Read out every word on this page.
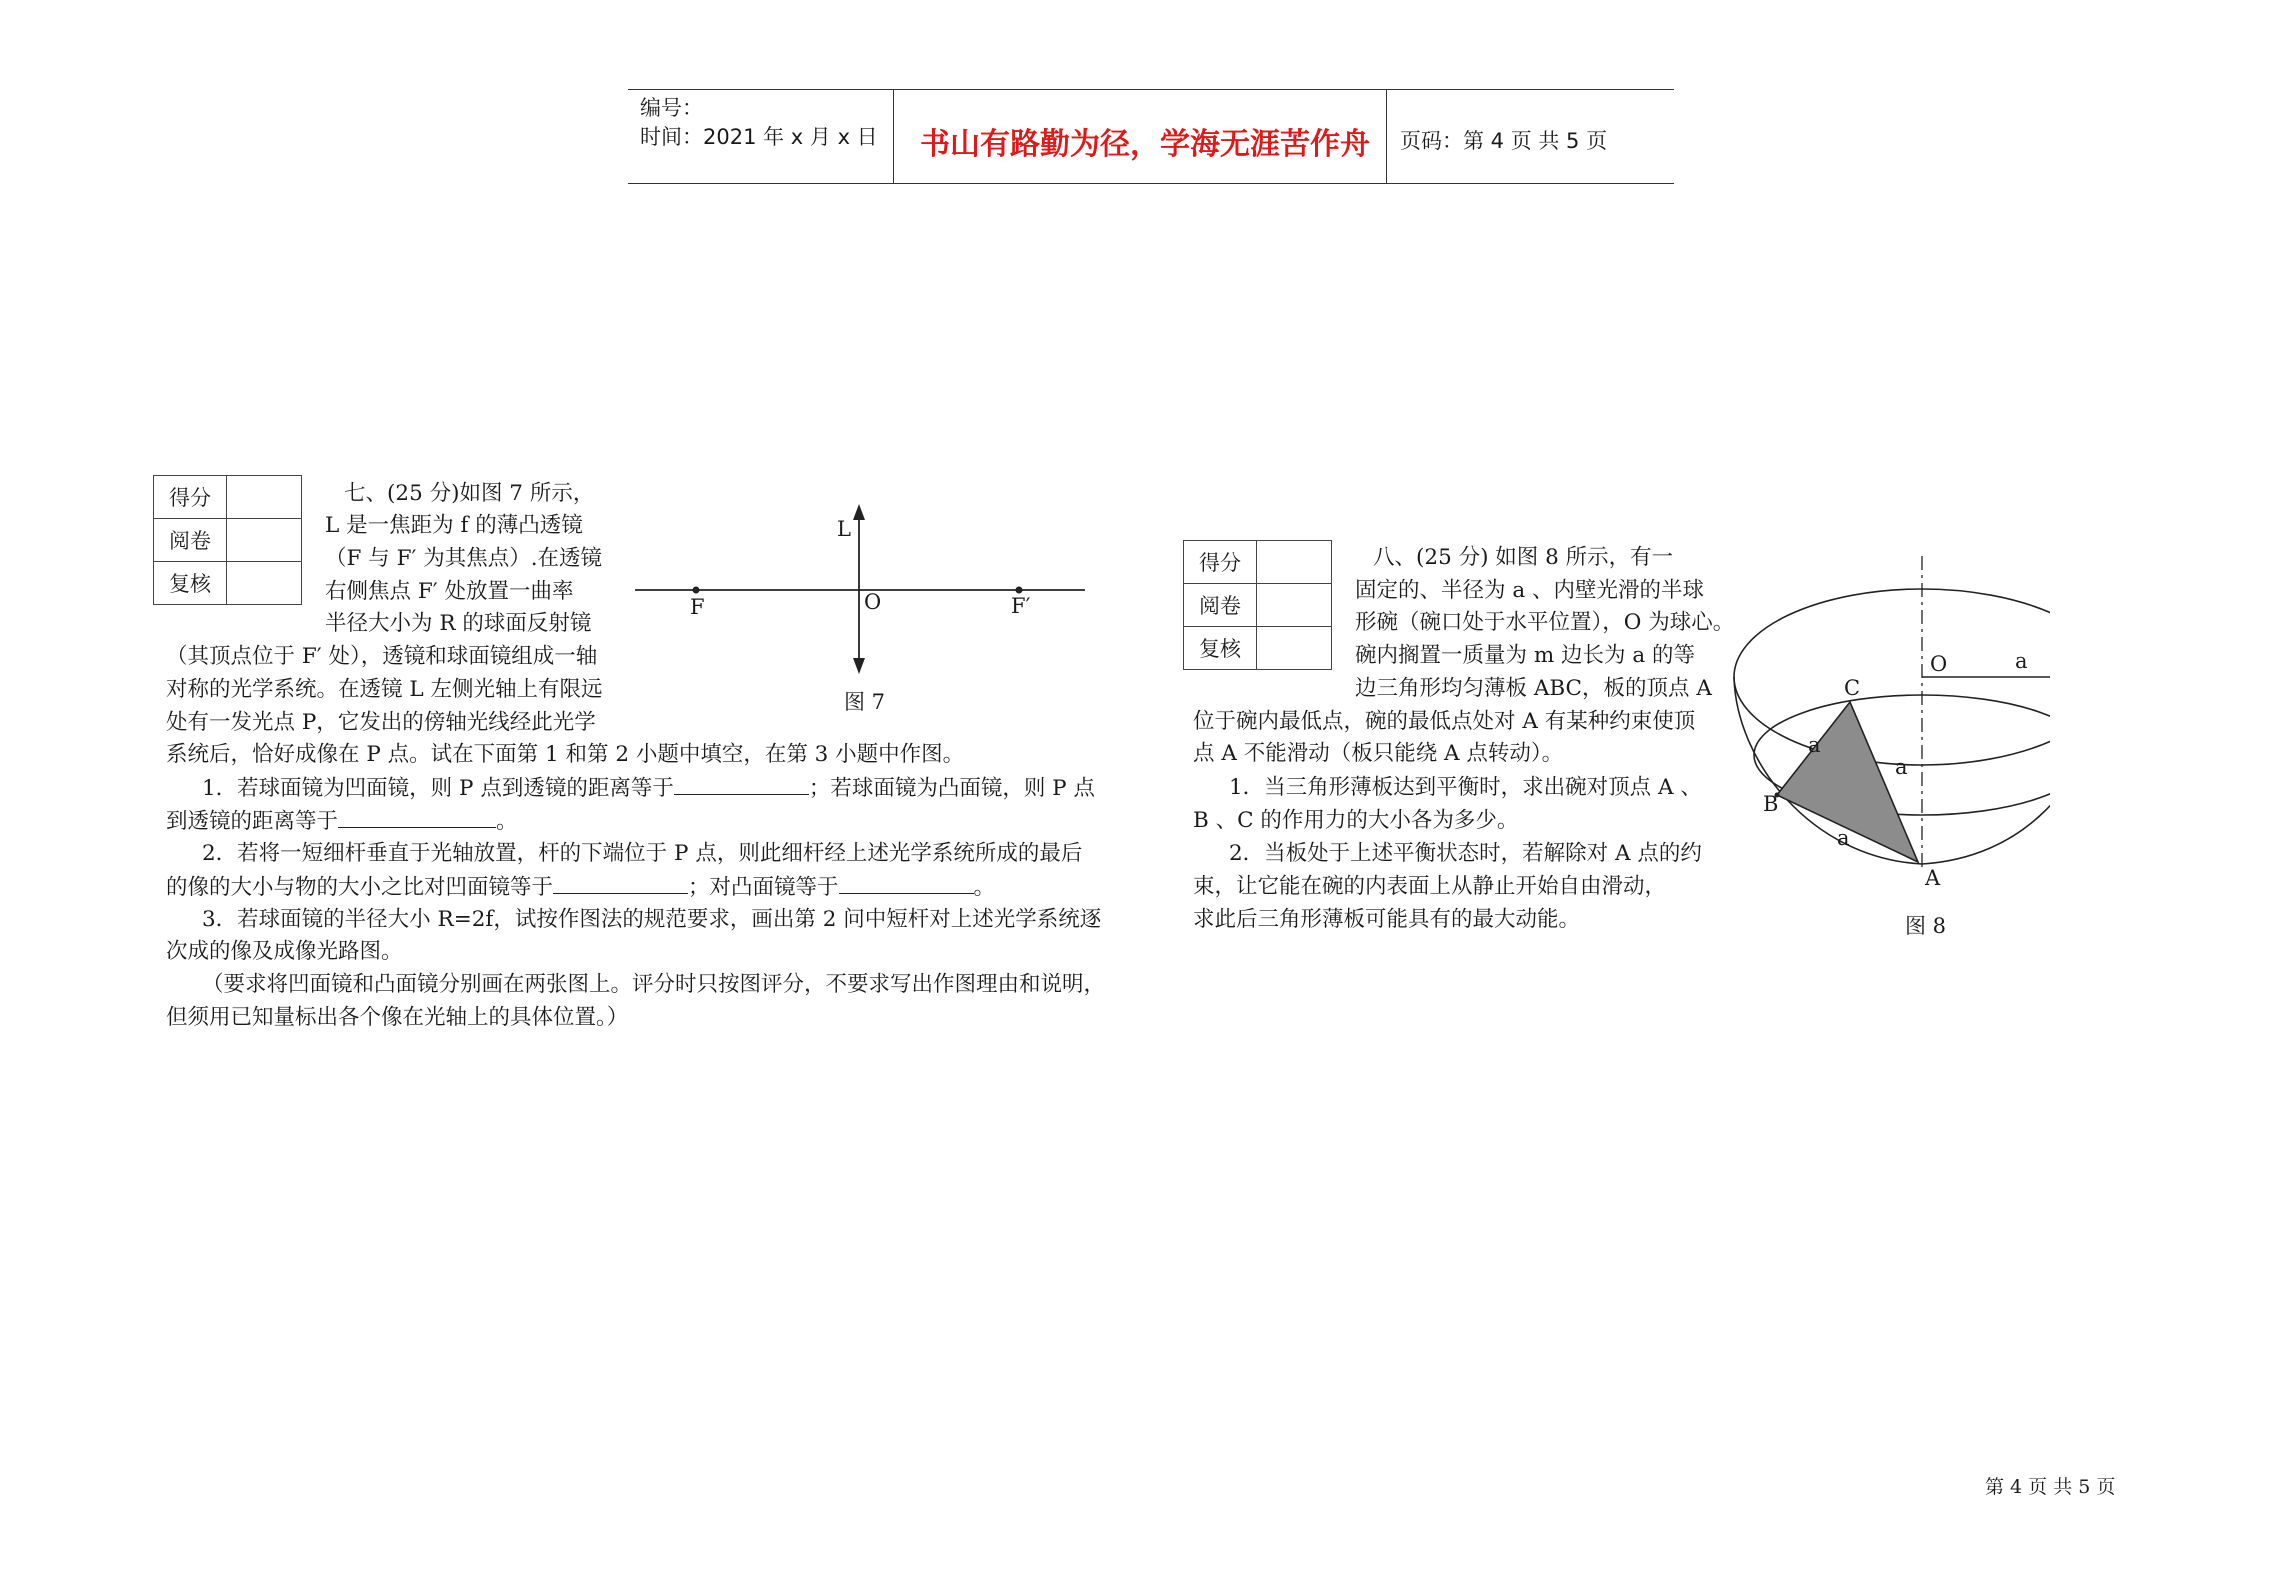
编号：
时间：2021 年 x 月 x 日 书山有路勤为径，学海无涯苦作舟 页码：第 4 页 共 5 页
得分	
阅卷	
复核	
七、(25 分)如图 7 所示，
L 是一焦距为 f 的薄凸透镜
（F 与 F′ 为其焦点）.在透镜
右侧焦点 F′ 处放置一曲率
半径大小为 R 的球面反射镜
（其顶点位于 F′ 处），透镜和球面镜组成一轴
对称的光学系统。在透镜 L 左侧光轴上有限远
处有一发光点 P，它发出的傍轴光线经此光学
系统后，恰好成像在 P 点。试在下面第 1 和第 2 小题中填空，在第 3 小题中作图。
1．若球面镜为凹面镜，则 P 点到透镜的距离等于	；若球面镜为凸面镜，则 P 点
到透镜的距离等于	。
2．若将一短细杆垂直于光轴放置，杆的下端位于 P 点，则此细杆经上述光学系统所成的最后
的像的大小与物的大小之比对凹面镜等于	；对凸面镜等于	。
3．若球面镜的半径大小 R=2f，试按作图法的规范要求，画出第 2 问中短杆对上述光学系统逐
次成的像及成像光路图。
（要求将凹面镜和凸面镜分别画在两张图上。评分时只按图评分，不要求写出作图理由和说明，
但须用已知量标出各个像在光轴上的具体位置。）
L
F	O	F′
图 7
得分	
阅卷	
复核	
八、(25 分) 如图 8 所示，有一
固定的、半径为 a 、内壁光滑的半球
形碗（碗口处于水平位置），O 为球心。
碗内搁置一质量为 m 边长为 a 的等
边三角形均匀薄板 ABC，板的顶点 A
位于碗内最低点，碗的最低点处对 A 有某种约束使顶
点 A 不能滑动（板只能绕 A 点转动）。
1．当三角形薄板达到平衡时，求出碗对顶点 A 、
B 、C 的作用力的大小各为多少。
2．当板处于上述平衡状态时，若解除对 A 点的约
束，让它能在碗的内表面上从静止开始自由滑动，
求此后三角形薄板可能具有的最大动能。
O	a
C
a
a
B
a
A
图 8
第 4 页 共 5 页
